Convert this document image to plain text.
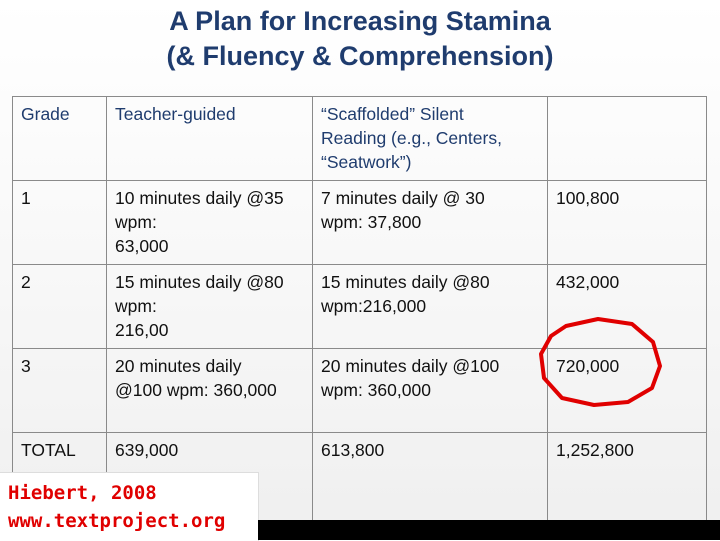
A Plan for Increasing Stamina
(& Fluency & Comprehension)
Grade	Teacher-guided	“Scaffolded” Silent
Reading (e.g., Centers,
“Seatwork”)	
1	10 minutes daily @35
wpm:
63,000	7 minutes daily @ 30
wpm: 37,800	100,800
2	15 minutes daily @80
wpm:
216,00	15 minutes daily @80
wpm:216,000	432,000
3	20 minutes daily
@100 wpm: 360,000	20 minutes daily @100
wpm: 360,000	720,000
TOTAL	639,000	613,800	1,252,800
Hiebert, 2008
www.textproject.org
